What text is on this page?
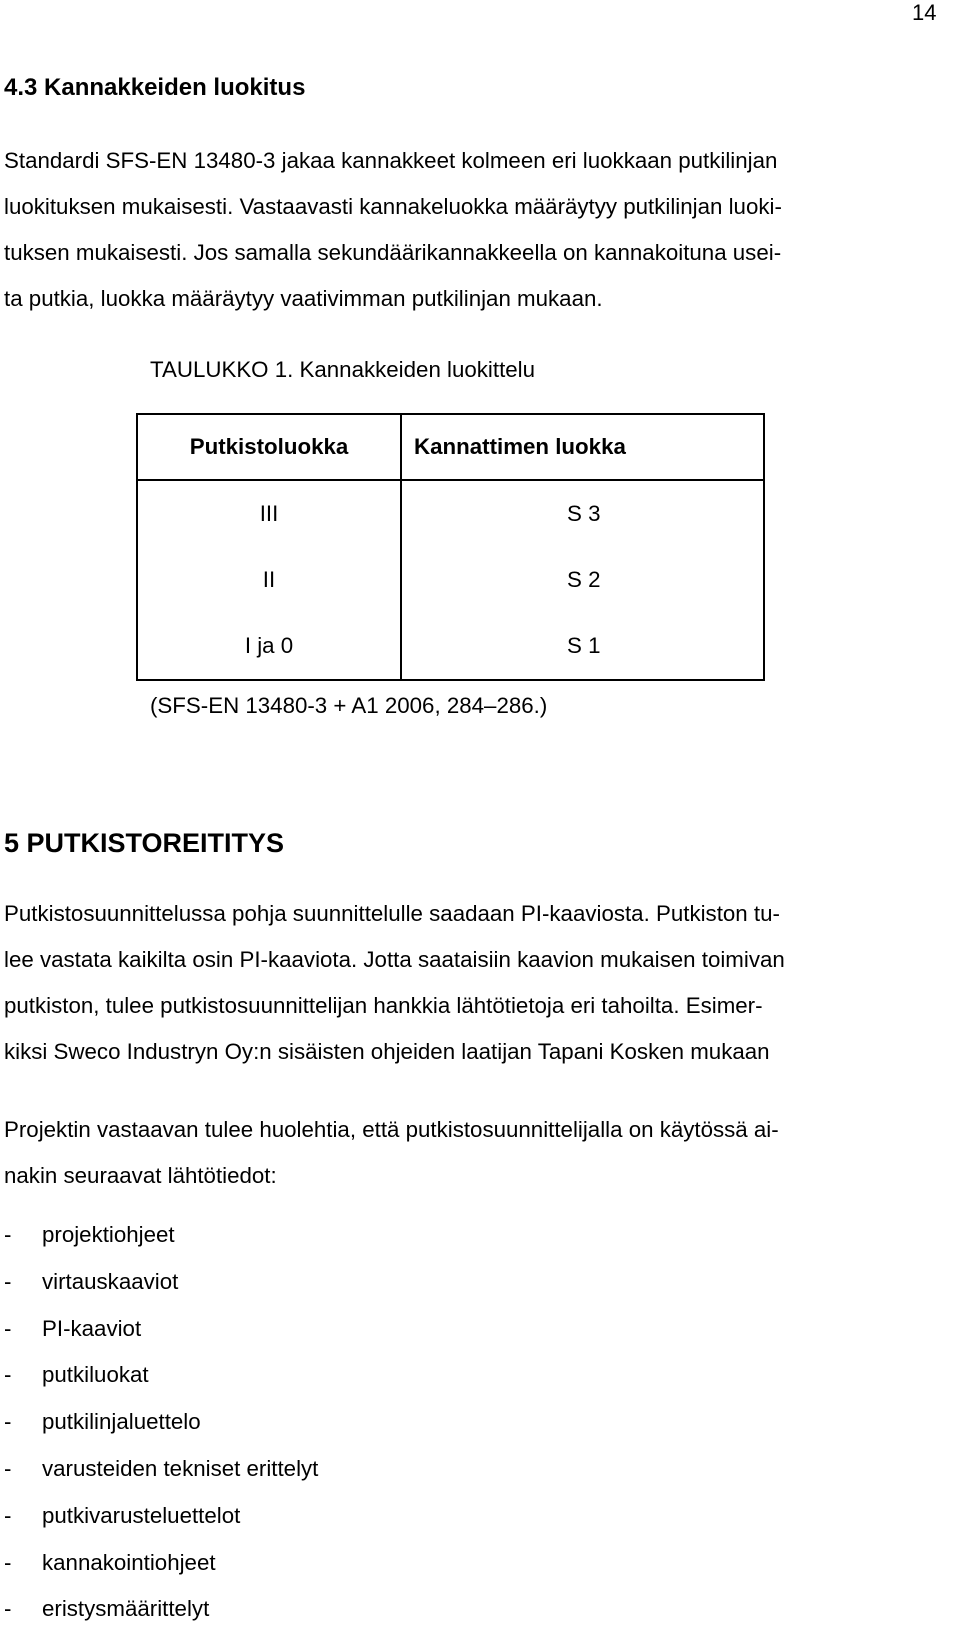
14
4.3 Kannakkeiden luokitus
Standardi SFS-EN 13480-3 jakaa kannakkeet kolmeen eri luokkaan putkilinjan
luokituksen mukaisesti. Vastaavasti kannakeluokka määräytyy putkilinjan luoki-
tuksen mukaisesti. Jos samalla sekundäärikannakkeella on kannakoituna usei-
ta putkia, luokka määräytyy vaativimman putkilinjan mukaan.
TAULUKKO 1. Kannakkeiden luokittelu
Putkistoluokka	Kannattimen luokka
III	S 3
II	S 2
I ja 0	S 1
(SFS-EN 13480-3 + A1 2006, 284–286.)
5 PUTKISTOREITITYS
Putkistosuunnittelussa pohja suunnittelulle saadaan PI-kaaviosta. Putkiston tu-
lee vastata kaikilta osin PI-kaaviota. Jotta saataisiin kaavion mukaisen toimivan
putkiston, tulee putkistosuunnittelijan hankkia lähtötietoja eri tahoilta. Esimer-
kiksi Sweco Industryn Oy:n sisäisten ohjeiden laatijan Tapani Kosken mukaan
Projektin vastaavan tulee huolehtia, että putkistosuunnittelijalla on käytössä ai-
nakin seuraavat lähtötiedot:
- projektiohjeet
- virtauskaaviot
- PI-kaaviot
- putkiluokat
- putkilinjaluettelo
- varusteiden tekniset erittelyt
- putkivarusteluettelot
- kannakointiohjeet
- eristysmäärittelyt
